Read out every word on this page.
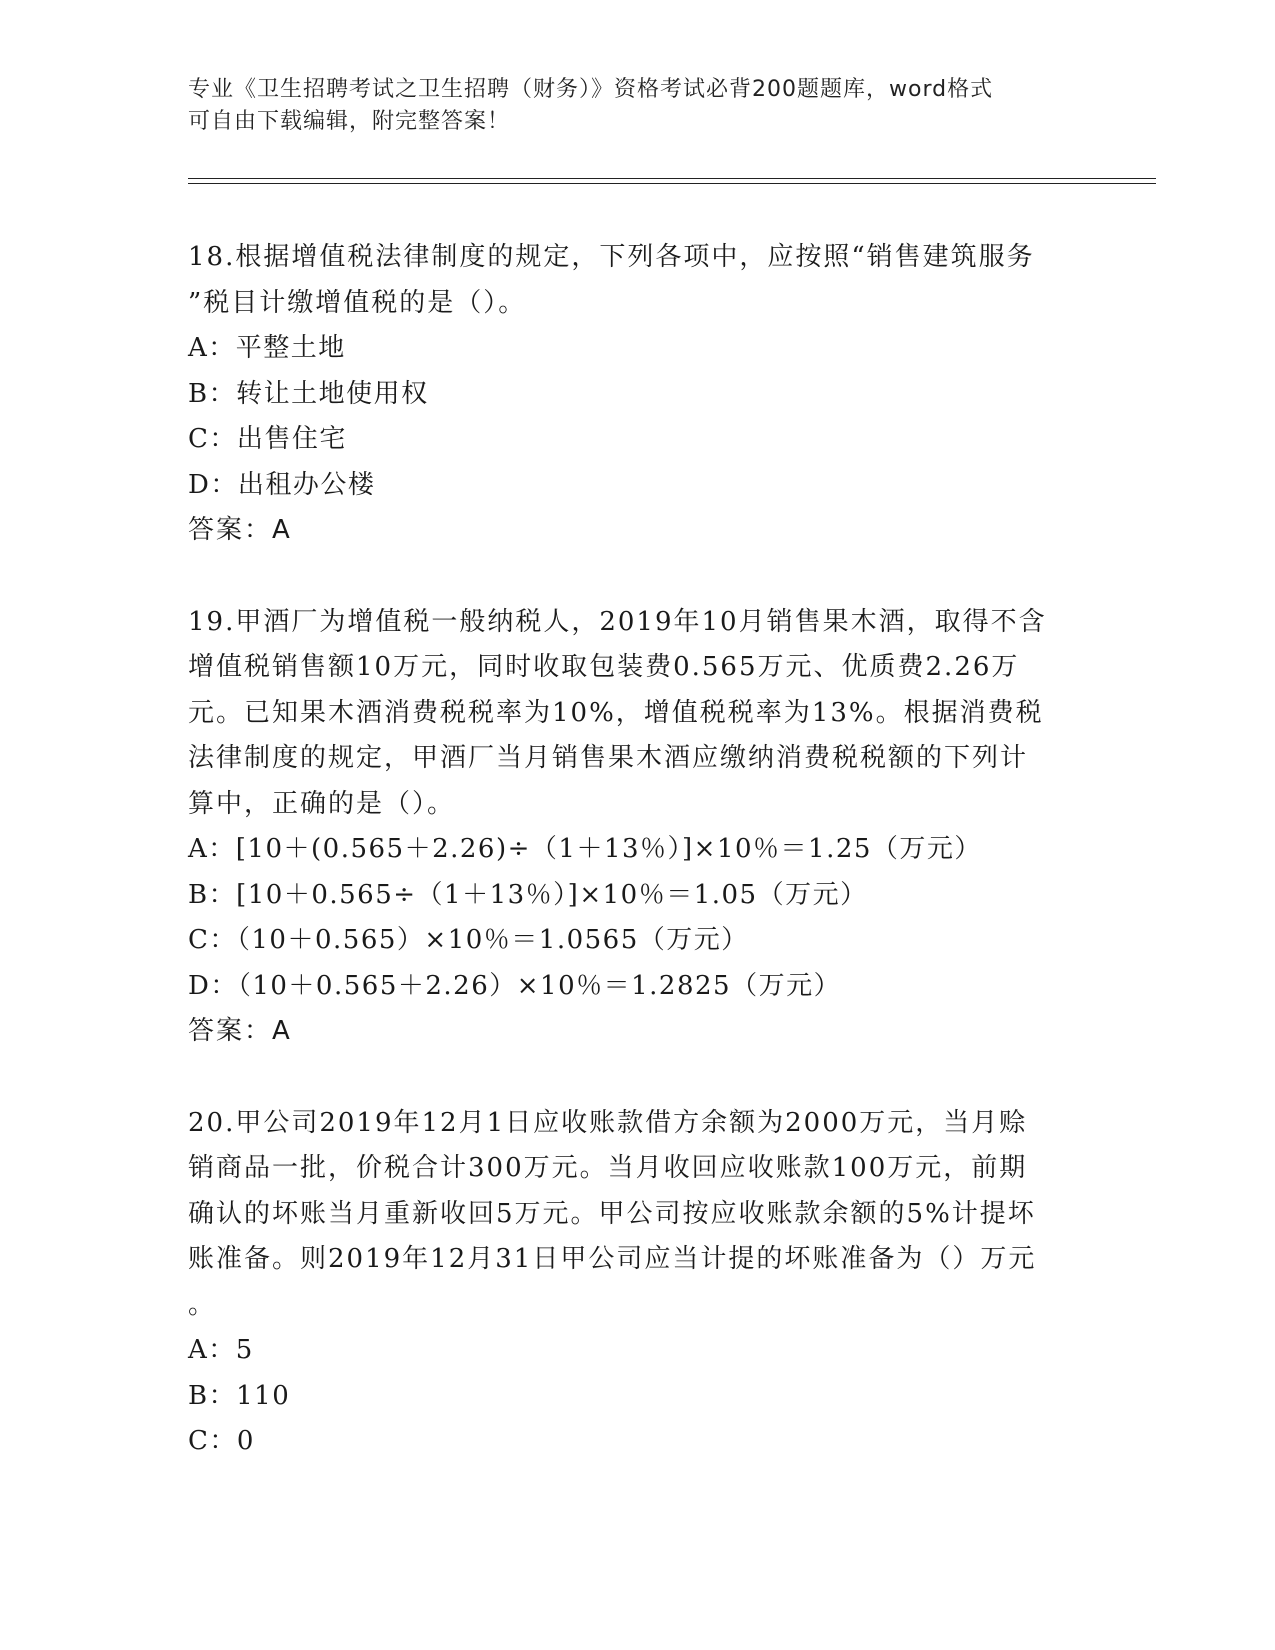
专业《卫生招聘考试之卫生招聘（财务）》资格考试必背200题题库，word格式
可自由下载编辑，附完整答案！

18.根据增值税法律制度的规定，下列各项中，应按照“销售建筑服务

”税目计缴增值税的是（）。

A：平整土地

B：转让土地使用权

C：出售住宅

D：出租办公楼

答案：A

19.甲酒厂为增值税一般纳税人，2019年10月销售果木酒，取得不含

增值税销售额10万元，同时收取包装费0.565万元、优质费2.26万

元。已知果木酒消费税税率为10%，增值税税率为13%。根据消费税

法律制度的规定，甲酒厂当月销售果木酒应缴纳消费税税额的下列计

算中，正确的是（）。

A：[10＋(0.565＋2.26)÷（1＋13％）]×10％＝1.25（万元）

B：[10＋0.565÷（1＋13％）]×10％＝1.05（万元）

C：（10＋0.565）×10％＝1.0565（万元）

D：（10＋0.565＋2.26）×10％＝1.2825（万元）

答案：A

20.甲公司2019年12月1日应收账款借方余额为2000万元，当月赊

销商品一批，价税合计300万元。当月收回应收账款100万元，前期

确认的坏账当月重新收回5万元。甲公司按应收账款余额的5%计提坏

账准备。则2019年12月31日甲公司应当计提的坏账准备为（）万元

。

A：5

B：110

C：0
